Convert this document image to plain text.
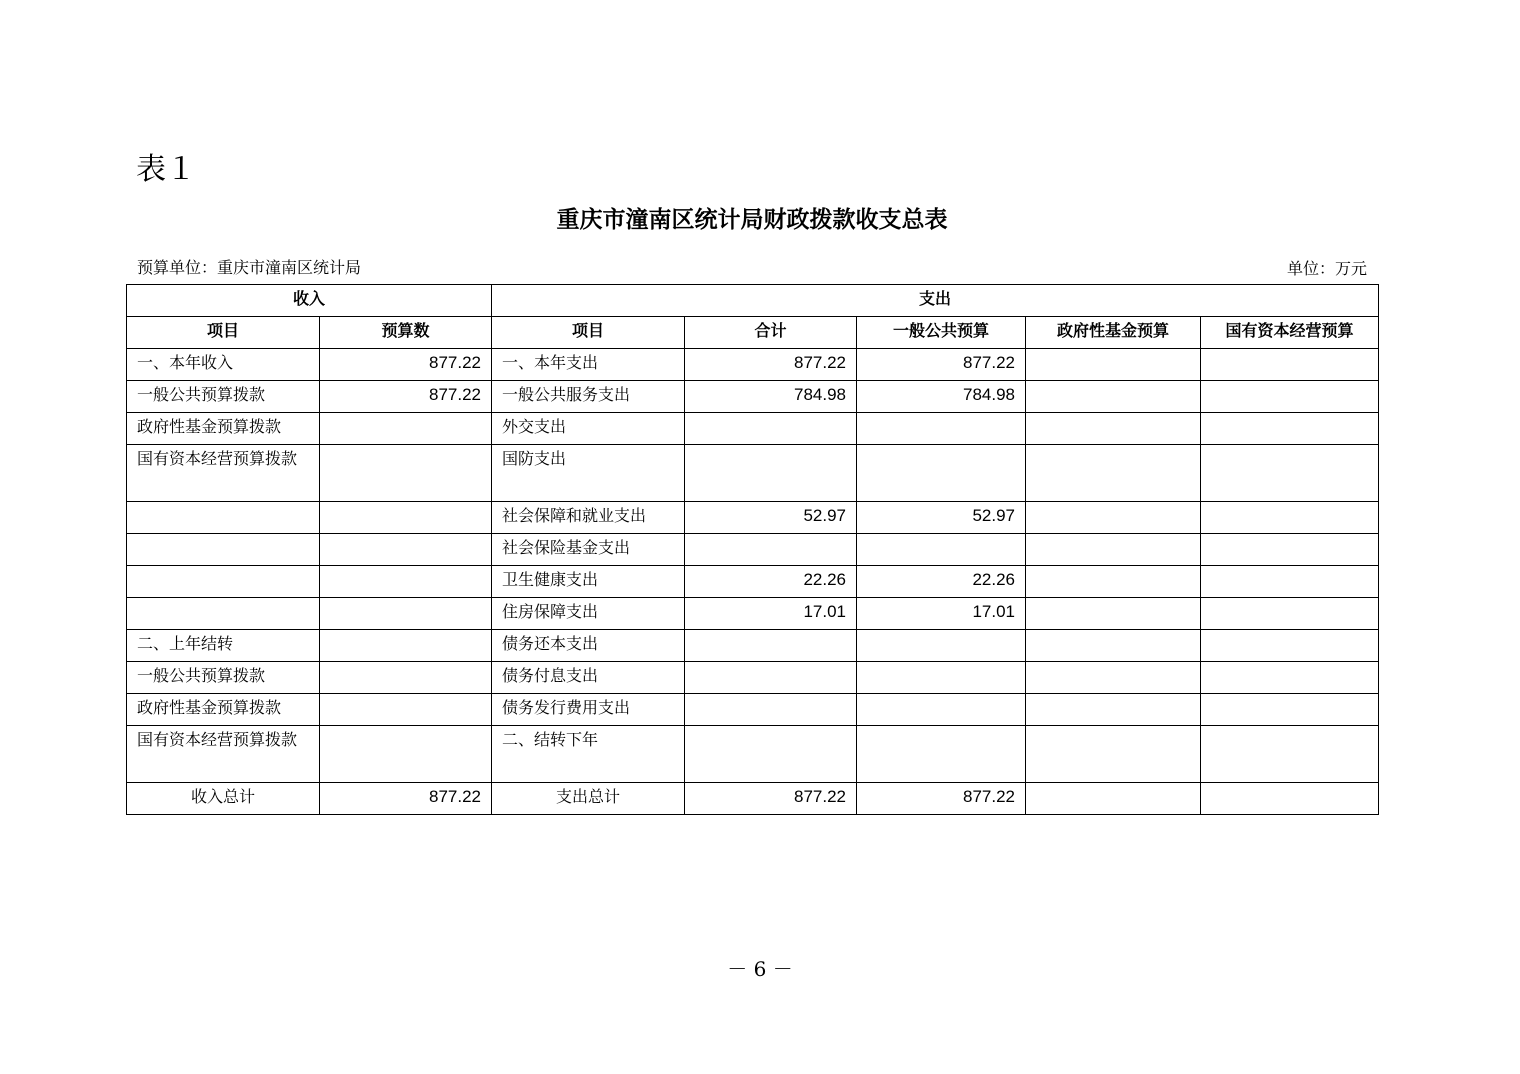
表１
重庆市潼南区统计局财政拨款收支总表
预算单位：重庆市潼南区统计局	单位：万元
收入		支出				
项目	预算数	项目	合计	一般公共预算	政府性基金预算	国有资本经营预算
一、本年收入	877.22	一、本年支出	877.22	877.22		
一般公共预算拨款	877.22	一般公共服务支出	784.98	784.98		
政府性基金预算拨款		外交支出				
国有资本经营预算拨款		国防支出				
		社会保障和就业支出	52.97	52.97		
		社会保险基金支出				
		卫生健康支出	22.26	22.26		
		住房保障支出	17.01	17.01		
二、上年结转		债务还本支出				
一般公共预算拨款		债务付息支出				
政府性基金预算拨款		债务发行费用支出				
国有资本经营预算拨款		二、结转下年				
收入总计	877.22	支出总计	877.22	877.22		
－ 6 －
